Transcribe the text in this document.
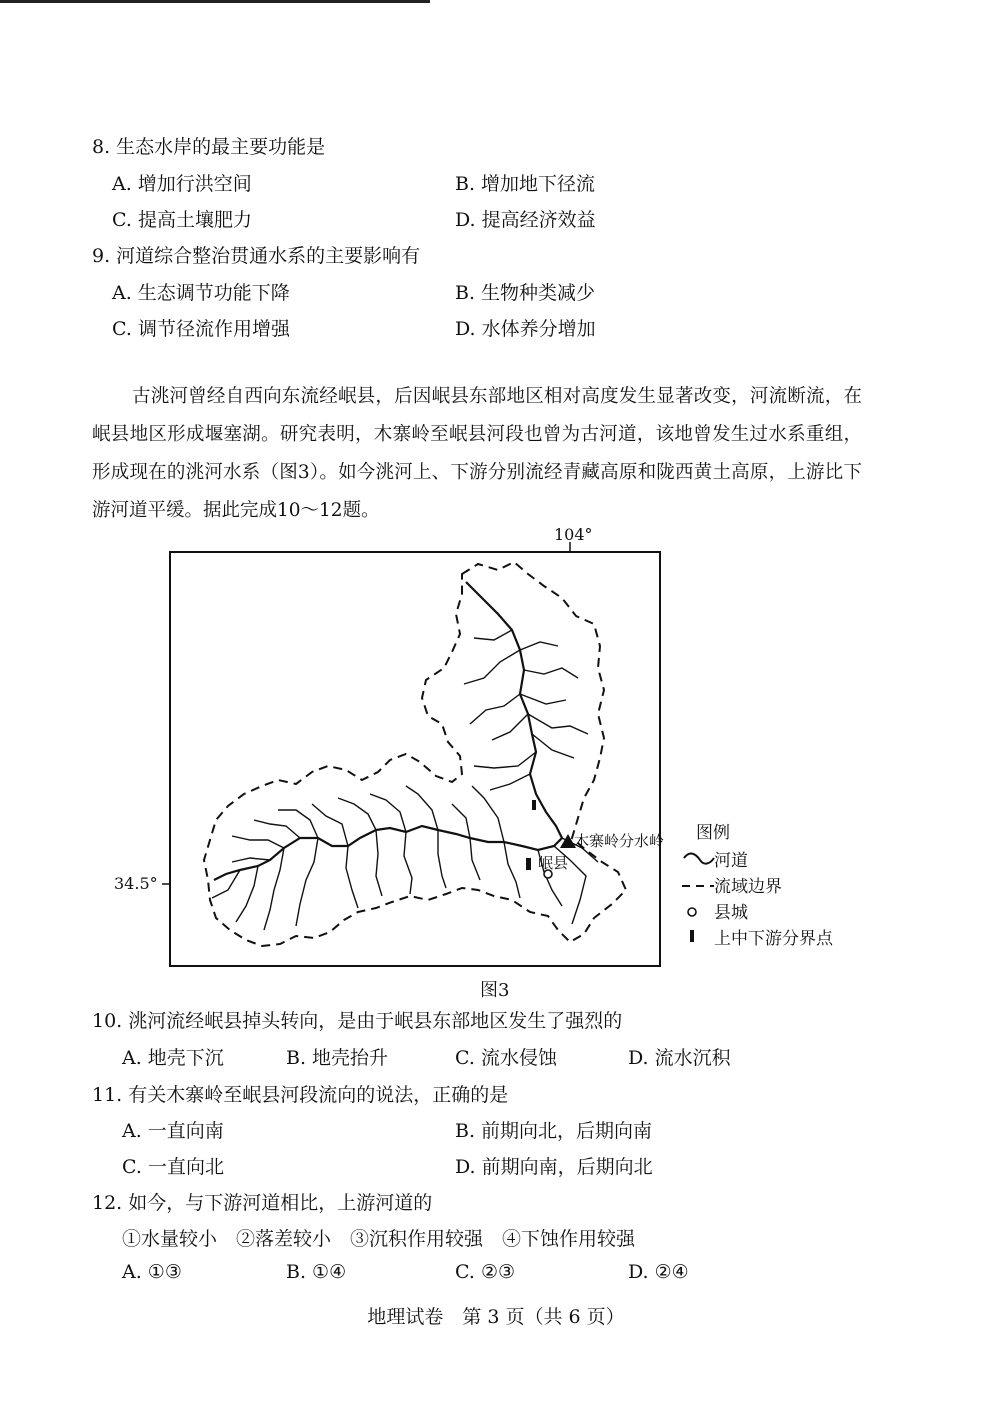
8. 生态水岸的最主要功能是
A. 增加行洪空间	B. 增加地下径流
C. 提高土壤肥力	D. 提高经济效益
9. 河道综合整治贯通水系的主要影响有
A. 生态调节功能下降	B. 生物种类减少
C. 调节径流作用增强	D. 水体养分增加
古洮河曾经自西向东流经岷县，后因岷县东部地区相对高度发生显著改变，河流断流，在岷县地区形成堰塞湖。研究表明，木寨岭至岷县河段也曾为古河道，该地曾发生过水系重组，形成现在的洮河水系（图3）。如今洮河上、下游分别流经青藏高原和陇西黄土高原，上游比下游河道平缓。据此完成10～12题。
104°
34.5°
木寨岭分水岭
岷县
图例
河道
流域边界
县城
上中下游分界点
图3
10. 洮河流经岷县掉头转向，是由于岷县东部地区发生了强烈的
A. 地壳下沉	B. 地壳抬升	C. 流水侵蚀	D. 流水沉积
11. 有关木寨岭至岷县河段流向的说法，正确的是
A. 一直向南	B. 前期向北，后期向南
C. 一直向北	D. 前期向南，后期向北
12. 如今，与下游河道相比，上游河道的
①水量较小　②落差较小　③沉积作用较强　④下蚀作用较强
A. ①③	B. ①④	C. ②③	D. ②④
地理试卷　第 3 页（共 6 页）
